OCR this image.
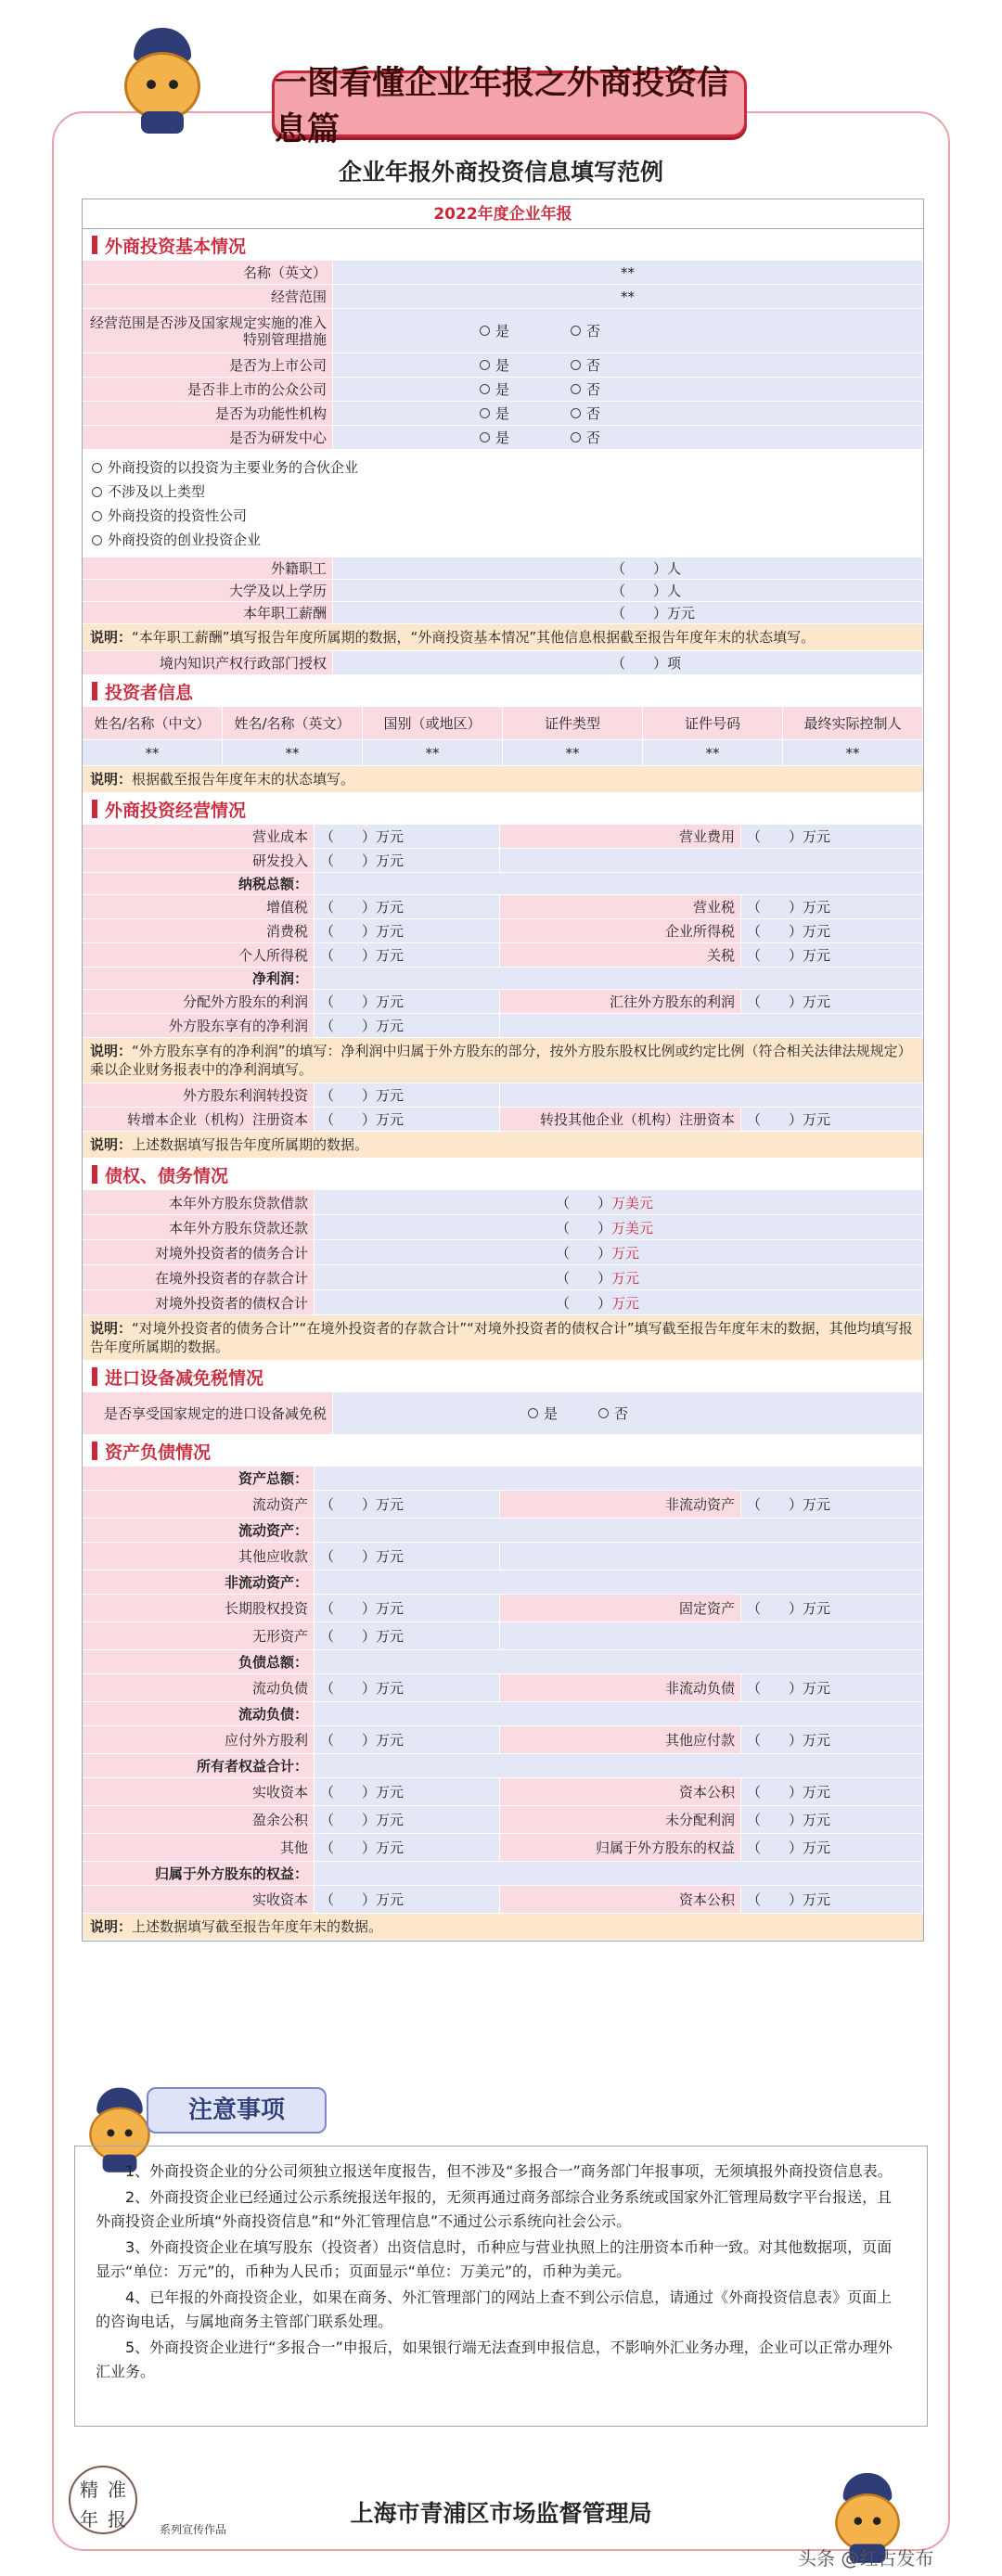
一图看懂企业年报之外商投资信息篇
企业年报外商投资信息填写范例
2022年度企业年报
外商投资基本情况
名称（英文）	**
经营范围	**
经营范围是否涉及国家规定实施的准入特别管理措施	是	否
是否为上市公司	是	否
是否非上市的公众公司	是	否
是否为功能性机构	是	否
是否为研发中心	是	否
外商投资的以投资为主要业务的合伙企业
不涉及以上类型
外商投资的投资性公司
外商投资的创业投资企业
外籍职工	（　　） 人
大学及以上学历	（　　） 人
本年职工薪酬	（　　） 万元
说明：“本年职工薪酬”填写报告年度所属期的数据，“外商投资基本情况”其他信息根据截至报告年度年末的状态填写。
境内知识产权行政部门授权	（　　） 项
投资者信息
姓名/名称（中文）	姓名/名称（英文）	国别（或地区）	证件类型	证件号码	最终实际控制人
**	**	**	**	**	**
说明：根据截至报告年度年末的状态填写。
外商投资经营情况
营业成本 （　　） 万元	营业费用 （　　） 万元
研发投入 （　　） 万元
纳税总额：
增值税 （　　） 万元	营业税 （　　） 万元
消费税 （　　） 万元	企业所得税 （　　） 万元
个人所得税 （　　） 万元	关税 （　　） 万元
净利润：
分配外方股东的利润 （　　） 万元	汇往外方股东的利润 （　　） 万元
外方股东享有的净利润 （　　） 万元
说明：“外方股东享有的净利润”的填写：净利润中归属于外方股东的部分，按外方股东股权比例或约定比例（符合相关法律法规规定）乘以企业财务报表中的净利润填写。
外方股东利润转投资 （　　） 万元
转增本企业（机构）注册资本 （　　） 万元	转投其他企业（机构）注册资本 （　　） 万元
说明：上述数据填写报告年度所属期的数据。
债权、债务情况
本年外方股东贷款借款	（　　） 万美元
本年外方股东贷款还款	（　　） 万美元
对境外投资者的债务合计	（　　） 万元
在境外投资者的存款合计	（　　） 万元
对境外投资者的债权合计	（　　） 万元
说明：“对境外投资者的债务合计”“在境外投资者的存款合计”“对境外投资者的债权合计”填写截至报告年度年末的数据，其他均填写报告年度所属期的数据。
进口设备减免税情况
是否享受国家规定的进口设备减免税	是	否
资产负债情况
资产总额：
流动资产 （　　） 万元	非流动资产 （　　） 万元
流动资产：
其他应收款 （　　） 万元
非流动资产：
长期股权投资 （　　） 万元	固定资产 （　　） 万元
无形资产 （　　） 万元
负债总额：
流动负债 （　　） 万元	非流动负债 （　　） 万元
流动负债：
应付外方股利 （　　） 万元	其他应付款 （　　） 万元
所有者权益合计：
实收资本 （　　） 万元	资本公积 （　　） 万元
盈余公积 （　　） 万元	未分配利润 （　　） 万元
其他 （　　） 万元	归属于外方股东的权益 （　　） 万元
归属于外方股东的权益：
实收资本 （　　） 万元	资本公积 （　　） 万元
说明：上述数据填写截至报告年度年末的数据。
注意事项

1、外商投资企业的分公司须独立报送年度报告，但不涉及“多报合一”商务部门年报事项，无须填报外商投资信息表。

2、外商投资企业已经通过公示系统报送年报的，无须再通过商务部综合业务系统或国家外汇管理局数字平台报送，且外商投资企业所填“外商投资信息”和“外汇管理信息”不通过公示系统向社会公示。

3、外商投资企业在填写股东（投资者）出资信息时，币种应与营业执照上的注册资本币种一致。对其他数据项，页面显示“单位：万元”的，币种为人民币；页面显示“单位：万美元”的，币种为美元。

4、已年报的外商投资企业，如果在商务、外汇管理部门的网站上查不到公示信息，请通过《外商投资信息表》页面上的咨询电话，与属地商务主管部门联系处理。

5、外商投资企业进行“多报合一”申报后，如果银行端无法查到申报信息，不影响外汇业务办理，企业可以正常办理外汇业务。

精 准
年 报	系列宣传作品
上海市青浦区市场监督管理局
头条 @红古发布
